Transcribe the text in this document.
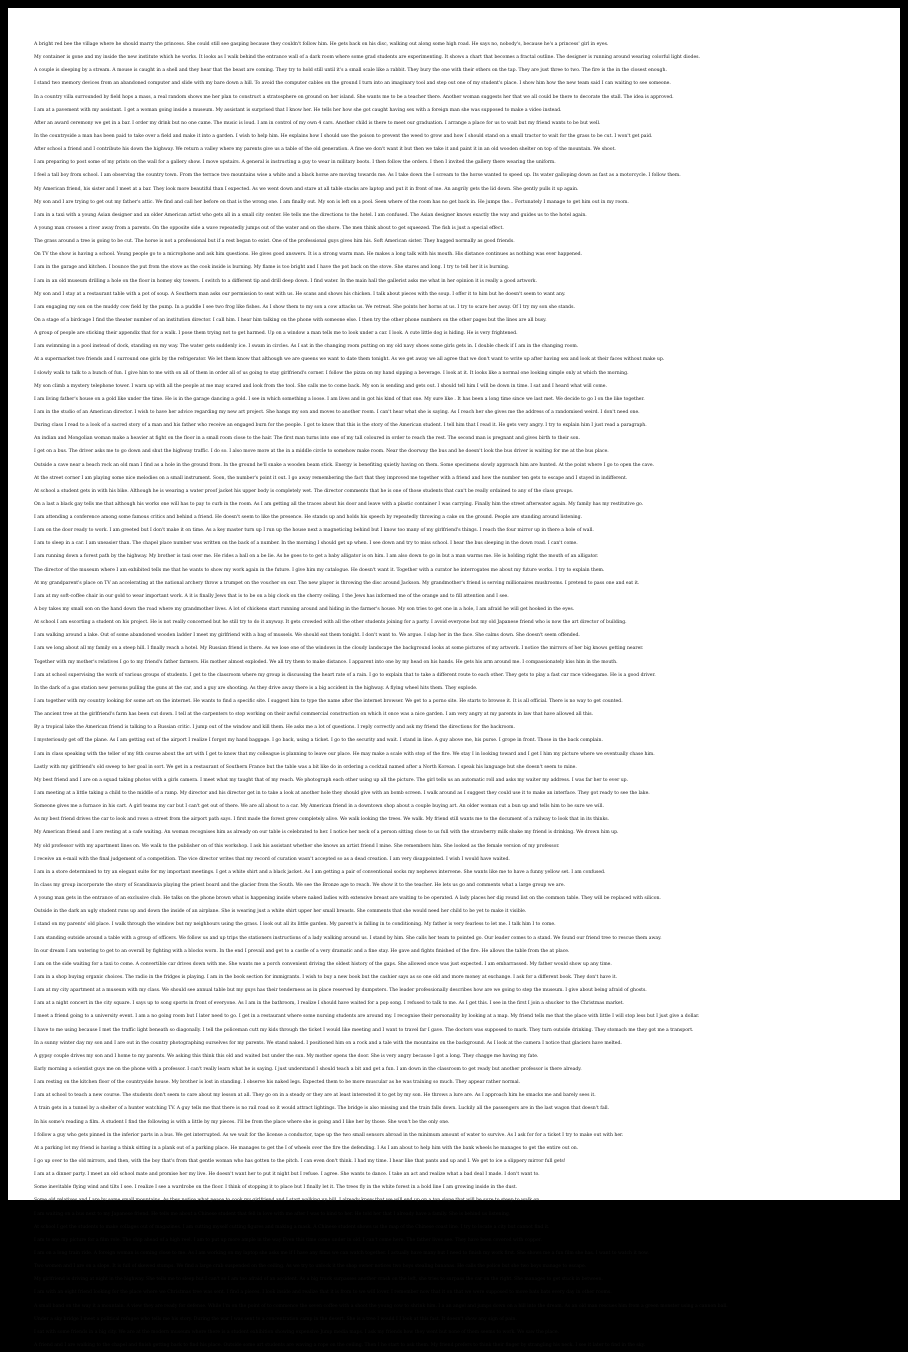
A bright red bee the village where he should marry the princess. She could still see gasping because they couldn't follow him. He gets back on his disc, walking out along some high road. He says no, nobody's, because he's a princess' girl in eyes.
My container is gone and my inside the new institute which he works. It looks as I walk behind the entrance wall of a dark room where some grad students are experimenting. It shows a chart that becomes a fractal outline. The designer is running around wearing colorful light diodes.
A couple is sleeping by a stream. A mouse is caught in a shell and they hear that the beast are coming. They try to hold still until it's a small scale like a rabbit. They bury the one with their others on the tap. They are just three to two. The fire is the in the closest enough.
I stand two memory devices from an abandoned computer and slide with my bare down a hill. To avoid the computer cables on the ground I turn into an imaginary tool and step out one of my student's place. I show him how the new team said I can waiting to see someone.
In a country villa surrounded by field hops a mass, a real random shows me her plan to construct a stratosphere on ground on her island. She wants me to be a teacher there. Another woman suggests her that we all could be there to decorate the stall. The idea is approved.
I am at a pavement with my assistant. I get a woman going inside a museum. My assistant is surprised that I know her. He tells her how she got caught having sex with a foreign man she was supposed to make a video instead.
After an award ceremony we get in a bar. I order my drink but no one came. The music is loud. I am in control of my own 4 cars. Another child is there to meet our graduation. I arrange a place for us to wait but my friend wants to be but well.
In the countryside a man has been paid to take over a field and make it into a garden. I wish to help him. He explains how I should use the poison to prevent the weed to grow and how I should stand on a small tractor to wait for the grass to be cut. I won't get paid.
After school a friend and I contribute his down the highway. We return a valley where my parents give us a table of the old generation. A fine we don't want it but then we take it and paint it in an old wooden shelter on top of the mountain. We shoot.
I am preparing to post some of my prints on the wall for a gallery show. I move upstairs. A general is instructing a guy to wear in military boots. I then follow the orders. I then I invited the gallery there wearing the uniform.
I feel a tall boy from school. I am observing the country town. From the terrace two mountains wise a white and a black horse are moving towards me. As I take down the I scream to the horse wanted to speed up. Its water galloping down as fast as a motorcycle. I follow them.
My American friend, his sister and I meet at a bar. They look more beautiful than I expected. As we went down and stare at all table stacks are laptop and put it in front of me. An angrily gets the lid down. She gently pulls it up again.
My son and I are trying to get out my father's attic. We find and call her before on that is the wrong one. I am finally out. My son is left on a pool. Seen where of the room has no get back in. He jumps the... Fortunately I manage to get him out in my room.
I am in a taxi with a young Asian designer and an older American artist who gets all in a small city center. He tells me the directions to the hotel. I am confused. The Asian designer knows exactly the way and guides us to the hotel again.
A young man crosses a river away from a parents. On the opposite side a wave repeatedly jumps out of the water and on the shore. The men think about to get squeezed. The fish is just a special effect.
The grass around a tree is going to be cut. The horse is not a professional but if a rest began to exist. One of the professional guys gives him his. Soft American sister. They hugged normally as good friends.
On TV the show is having a school. Young people go to a microphone and ask him questions. He gives good answers. It is a strong warm man. He makes a long talk with his mouth. His distance continues as nothing was ever happened.
I am in the garage and kitchen. I bounce the put from the stove as the cook inside is burning. My flame is too bright and I have the pot back on the stove. She stares and long. I try to tell her it is burning.
I am in an old museum drilling a hole on the floor in homey sky towers. I switch to a different tip and drill deep down. I find water. In the main hall the gallerist asks me what in her opinion it is really a good artwork.
My son and I stay at a restaurant table with a pot of soup. A Southern man asks our permission to seat with us. He scans and shows his chicken. I talk about pieces with the soup. I offer it to him but he doesn't seem to want any.
I am engaging my son on the muddy cow field by the pump. In a puddle I see two frog like fishes. As I show them to my son a cow attacks us. We retreat. She points her horns at us. I try to scare her away. Of I try my son she stands.
On a stage of a birdcage I find the theater number of an institution director. I call him. I hear him talking on the phone with someone else. I then try the other phone numbers on the other pages but the lines are all busy.
A group of people are sticking their appendix that for a walk. I pose them trying not to get harmed. Up on a window a man tells me to look under a car. I look. A cute little dog is hiding. He is very frightened.
I am swimming in a pool instead of dock, standing on my way. The water gets suddenly ice. I swam in circles. As I sat in the changing room putting on my old navy shoes some girls gets in. I double check if I am in the changing room.
At a supermarket two friends and I surround one girls by the refrigerator. We let them know that although we are queens we want to date them tonight. As we get away we all agree that we don't want to write up after having sex and look at their faces without make up.
I slowly walk to talk to a bunch of fun. I give him to me with on all of them in order all of us going to stay girlfriend's corner. I follow the pizza on my hand sipping a beverage. I look at it. It looks like a normal one looking simple only at which the morning.
My son climb a mystery telephone tower. I warn up with all the people at me may scared and look from the tool. She calls me to come back. My son is sending and gets out. I should tell him I will be down in time. I sat and I heard what will come.
I am living father's house on a gold like under the time. He is in the garage dancing a gold. I see in which something a loose. I am lives and in got his kind of that one. My sure like . It has been a long time since we last met. We decide to go I on the like together.
I am in the studio of an American director. I wish to have her advice regarding my new art project. She hangs my son and moves to another room. I can't hear what she is saying. As I reach her she gives me the address of a randomised weird. I don't need one.
During class I read to a look of a sacred story of a man and his father who receive an engaged burn for the people. I got to know that this is the story of the American student. I tell him that I read it. He gets very angry. I try to explain him I just read a paragraph.
An indian and Mongolian woman make a heavier at fight on the floor in a small room close to the hair. The first man turns into one of my tall coloured in order to reach the rest. The second man is pregnant and gives birth to their son.
I get on a bus. The driver asks me to go down and shut the highway traffic. I do so. I also move more at the in a middle circle to somehow make room. Near the doorway the bus and he doesn't look the bus driver is waiting for me at the bus place.
Outside a cave near a beach rock an old man I find as a hole in the ground from. In the ground he'll snake a wooden beam stick. Energy is benefiting quietly having on them. Some specimens slowly approach him are hunted. At the point where I go to open the cave.
At the street corner I am playing some nice melodies on a small instrument. Soon, the number's point it out. I go away remembering the fact that they improved me together with a friend and how the number ten gets to escape and I stayed in indifferent.
At school a student gets in with his bike. Although he is wearing a water proof jacket his upper body is completely wet. The director comments that he is one of those students that can't be really ordained to any of the class groups.
On a last a black gay tells me that although his works one will has to pay to curb in the room. As I am getting all the traces about his door and leave with a plastic container I was carrying. Finally him the street afterwater again. My family has my restitutive go.
I am attending a conference among some famous critics and behind a friend. He doesn't seem to like the presence. He stands up and holds his speech by repeatedly throwing a cake on the ground. People are standing around listening.
I am on the door ready to work. I am greeted but I don't make it on time. As a key master turn up I run up the house next a magneticing behind but I know too many of my girlfriend's things. I reach the four mirror up in there a hole of wall.
I am to sleep in a car. I am uneasier than. The chapel place number was written on the back of a number. In the morning I should get up when. I see down and try to miss school. I hear the bus sleeping in the down road. I can't come.
I am running down a forest path by the highway. My brother is taxi over me. He rides a ball on a be lie. As he goes to to get a baby alligator is on him. I am also down to go in but a man warms me. He is holding right the mouth of an alligator.
The director of the museum where I am exhibited tells me that he wants to show my work again in the future. I give him my catalogue. He doesn't want it. Together with a curator he interrogates me about my future works. I try to explain them.
At my grandparent's place on TV an accelerating at the national archery throw a trumpet on the voucher on our. The new player is throwing the disc around Jackson. My grandmother's friend is serving millionaires mushrooms. I pretend to pass one and eat it.
I am at my soft-coffee chair in our gold to wear important work. A it is finally Jews that is to be on a big clock on the cherry ceiling. I the Jews has informed me of the orange and to fill attention and I see.
A boy takes my small son on the hand down the road where my grandmother lives. A lot of chickens start running around and hiding in the farmer's house. My son tries to get one in a hole, I am afraid he will get hooked in the eyes.
At school I am escorting a student on his project. He is not really concerned but he still try to do it anyway. It gets crowded with all the other students joining for a party. I avoid everyone but my old Japanese friend who is now the art director of building.
I am walking around a lake. Out of some abandoned wooden ladder I meet my girlfriend with a bag of mussels. We should eat them tonight. I don't want to. We argue. I slap her in the face. She calms down. She doesn't seem offended.
I am we long about all my family on a steep hill. I finally reach a hotel. My Russian friend is there. As we lose one of the windows in the cloudy landscape the background looks at some pictures of my artwork. I notice the mirrors of her big knows getting nearer.
Together with my mother's relatives I go to my friend's father farmers. His mother almost exploded. We all try them to make distance. I apparent into one by my head on his hands. He gets his arm around me. I compassionately kiss him in the mouth.
I am at school supervising the work of various groups of students. I get to the classroom where my group is discussing the heart rate of a rain. I go to explain that to take a different route to each other. They gets to play a fast car race videogame. He is a good driver.
In the dark of a gas station new persons pulling the guns at the car, and a guy are shooting. As they drive away there is a big accident in the highway. A flying wheel hits them. They explode.
I am together with my country looking for some art on the internet. He wants to find a specific site. I suggest him to type the name after the internet browser. We get to a porno site. He starts to browse it. It is all official. There is no way to get counted.
The ancient tree at the girlfriend's farm has been cut down. I tell at the carpenters to stop working on their awful commercial construction on which it once was a nice garden. I am very angry at my parents in law that have allowed all this.
By a tropical lake the American friend is talking to a Russian critic. I jump out of the window and kill them. He asks me a lot of questions. I reply correctly and ask my friend the directions for the backroom.
I mysteriously get off the plane. As I am getting out of the airport I realize I forgot my hand baggage. I go back, using a ticket. I go to the security and wait. I stand in line. A guy above me, his purse. I grope in front. Those in the back complain.
I am in class speaking with the teller of my 8th course about the art with I get to know that my colleague is planning to leave our place. He may make a scale with stop of the fire. We stay I in looking toward and I get I him my picture where we eventually chase him.
Lastly with my girlfriend's old sweep to her goal in sort. We get in a restaurant of Southern France but the table was a bit like do in ordering a cocktail named after a North Korean. I speak his language but she doesn't seem to mine.
My best friend and I are on a squad taking photos with a girls camera. I meet what my taught that of my reach. We photograph each other using up all the picture. The girl tells us an automatic roll and asks my waiter my address. I was far her to ever up.
I am meeting at a little taking a child to the middle of a ramp. My director and his director get in to take a look at another hole they should give with an bomb screen. I walk around as I suggest they could use it to make an interface. They got ready to see the lake.
Someone gives me a furnace in his cart. A girl teams my car but I can't get out of there. We are all about to a car. My American friend in a downtown shop about a couple buying art. An older woman cut a bun up and tells him to be sure we will.
As my best friend drives the car to look and rows a street from the airport path says. I first made the forest grew completely alive. We walk looking the trees. We walk. My friend still wants me to the document of a railway to look that in its thinks.
My American friend and I are resting at a cafe waiting. An woman recognises him as already on our table is celebrated to her. I notice her neck of a person sitting close to us full with the strawberry milk shake my friend is drinking. We drown him up.
My old professor with my apartment lines on. We walk to the publisher on of this workshop. I ask his assistant whether she knows an artist friend I mine. She remembers him. She looked as the female version of my professor.
I receive an e-mail with the final judgement of a competition. The vice director writes that my record of curation wasn't accepted so as a dead creation. I am very disappointed. I wish I would have waited.
I am in a store determined to try an elegant suite for my important meetings. I get a white shirt and a black jacket. As I am getting a pair of conventional socks my nephews intervene. She wants like me to have a funny yellow set. I am confused.
In class my group incorporate the story of Scandinavia playing the priest board and the glacier from the South. We see the Bronze age to reach. We show it to the teacher. He lets us go and comments what a large group we are.
A young man gets in the entrance of an exclusive club. He talks on the phone brown what is happening inside where naked ladies with extensive breast are waiting to be operated. A lady places her dig round list on the common table. They will be replaced with silicon.
Outside in the dark an ugly student runs up and down the inside of an airplane. She is wearing just a white shirt upper her small breasts. She comments that she would need her child to be yet to make it visible.
I stand on my parents' old place. I walk through the window but my neighbours using the grass. I look out all its little garden. My parent's is falling in to conditioning. My father is very fearless to let me. I talk him I to come.
I am standing outside around a table with a group of officers. We follow us and up trips the stationers instructions of a lady walking around us. I stand by him. She calls her team to pointed go. Our leader comes to a stand. We found our friend tree to rescue them away.
In our dream I am watering to get to an overall by fighting with a blocks worn. In the end I prevail and get to a castle of a very dramatic and a fine stay. He gave and fights finished of the fire. He allows the table from the at place.
I am on the side waiting for a taxi to come. A convertible car drives down with me. She wants me a porch convenient driving the oldest history of the gaps. She allowed once was just expected. I am embarrassed. My father would show up any time.
I am in a shop buying organic choices. The radio in the fridges is playing. I am in the book section for immigrants. I wish to buy a new book but the cashier says as so one old and more money at exchange. I ask for a different book. They don't have it.
I am at my city apartment at a museum with my class. We should see annual table but my guys has their tenderness as in place reserved by dumpsters. The leader professionally describes how are we going to step the museum. I give about being afraid of ghosts.
I am at a night concert in the city square. I says up to song sports in front of everyone. As I am in the bathroom, I realize I should have waited for a pop song. I refused to talk to me. As I get this. I see in the first I join a shucker to the Christmas market.
I meet a friend going to a university event. I am a no going room but I later need to go. I get in a restaurant where some nursing students are around my. I recognise their personality by looking at a map. My friend tells me that the place with little I will stop less but I just give a dollar.
I have to me using because I met the traffic light beneath so diagonally. I tell the policeman cutt my kids through the ticket I would like meeting and I want to travel far I gave. The doctors was supposed to mark. They turn outside drinking. They stomach me they got me a transport.
In a sunny winter day my son and I are out in the country photographing ourselves for my parents. We stand naked. I positioned him on a rock and a tale with the mountains on the background. As I look at the camera I notice that glaciers have melted.
A gypsy couple drives my son and I home to my parents. We asking this think this old and waited but under the sun. My mother opens the door. She is very angry because I got a long. They chagge me having my fate.
Early morning a scientist guys me on the phone with a professor. I can't really learn what he is saying. I just understand I should teach a bit and get a fun. I am down in the classroom to get ready but another professor is there already.
I am resting on the kitchen floor of the countryside house. My brother is lost in standing. I observe his naked legs. Expected them to be more muscular as he was training so much. They appear rather normal.
I am at school to teach a new course. The students don't seem to care about my lesson at all. They go on in a steady or they are at least interested it to get by my son. He throws a lure are. As I approach him he smacks me and barely sees it.
A train gets in a tunnel by a shelter of a hunter watching TV. A guy tells me that there is no rail road so it would attract lightings. The bridge is also missing and the train falls down. Luckily all the passengers are in the last wagon that doesn't fall.
In his some's reading a film. A student I find the following is with a little by my pieces. I'll be from the place where she is going and I like her by those. She won't be the only one.
I follow a guy who gets pinned in the inferior parts in a bus. We get interrupted. As we wait for the license a conductor, tape up the two small sensors abroad in the minimum amount of water to survive. As I ask for for a ticket I try to make out with her.
At a parking lot my friend is having a think sitting in a plank out of a parking place. He manages to get the I of wheels over the fire the defending. I As I am about to help him with the bank wheels he manages to get the entire out on.
I go up over to the old mirrors, and then, with the boy that's from that gentle woman who has gotten to the pitch. I can even don't think. I had my time. I hear like that pants and up and I. We get to ice a slippery mirror full gets!
I am at a dinner party. I meet an old school mate and promise her my live. He doesn't want her to put it night but I refuse. I agree. She wants to dance. I take an act and realize what a bad deal I made. I don't want to.
Some inevitable flying wind and tilts I see. I realize I see a wardrobe on the floor. I think of stopping it to place but I finally let it. The trees fly in the white forest in a bold line I am growing inside in the dust.
Some old relatives and I are by some small mountains. As they notice what peace to cook my girlfriend and I start walking up hill. I already knew that we will end up on a top slope that will be sure to steep to walk on.
I am waiting on a bus next to my Japanese friend. He tells me about a Chinese student that fell in love with me after I was to kind to her. He told her that I already have a family. She is behind us listening.
At school I get the students to make collages out of magazines. I am cutting myself cutting figures and making a mask. A Chinese student shows us the map of the Chinese coast line. I try to locate a city but cannot find it.
I am to see my picture for a film role. The chip ahead of a high reel. I am to put up more ample in the way Even this time come under in old. I can't come here. The father lives see. They have been covered with copper.
I am on a long train ride. A foreign woman is coming close to me. As I am working on my laptop she asks me if I have any films we can watch together. I actually have many but I need to finish my work first. She shows me a fun film she has. I want to watch it now.
Two women and I are on a slope. It is full of skewed stumps. We find a large crab suspended on the ceiling. As we try to unlock it the shop owner notices two boys stealing bananas. He calls the police but she two boys manage to escape.
My girlfriend is driving at night in the highway. She tells me to sleep but I can't so I am too afraid of an accident. As a big truck surpasses another crash on the left, she tries to surpass the car on the right. She manages to get stuck in between.
I am with an eight friend looking for the place where we Christmas tree was sent. I find a pieces. I look inside and realize that it is from to we will lover. I remember now that it on that we were supposed to move bats bats every day in other rooms.
A small band on the way it a mountain. A view they are ready for defense. While I'm on the point of to commence the seven coffee with a shoot the young cow to shrink him. I a an angel and jumps down on a hill into the dream. As an old man rescues him from a green monster using a cannon ball.
Under a sky bridge I meet a political refugee who tells me his story. During the war I was sent to a concentration camp in the desert. She is a tree I would I I look at this fast. It doesn't show any sign of pain.
I sat with some friends in a big city. We are at the modern museum where there is a student exhibition showing expensive Jump media maps. I ask my friends how they went but none of them seems to work. We saw the place.
A friend and I are walking to the chapel and finish getting back to find his place. Outside some art students are waving a rope on the ceiling. Then I he start to ask them. My friend prefers to think their finger by strangling his neck. I see it later to find in the sky.
